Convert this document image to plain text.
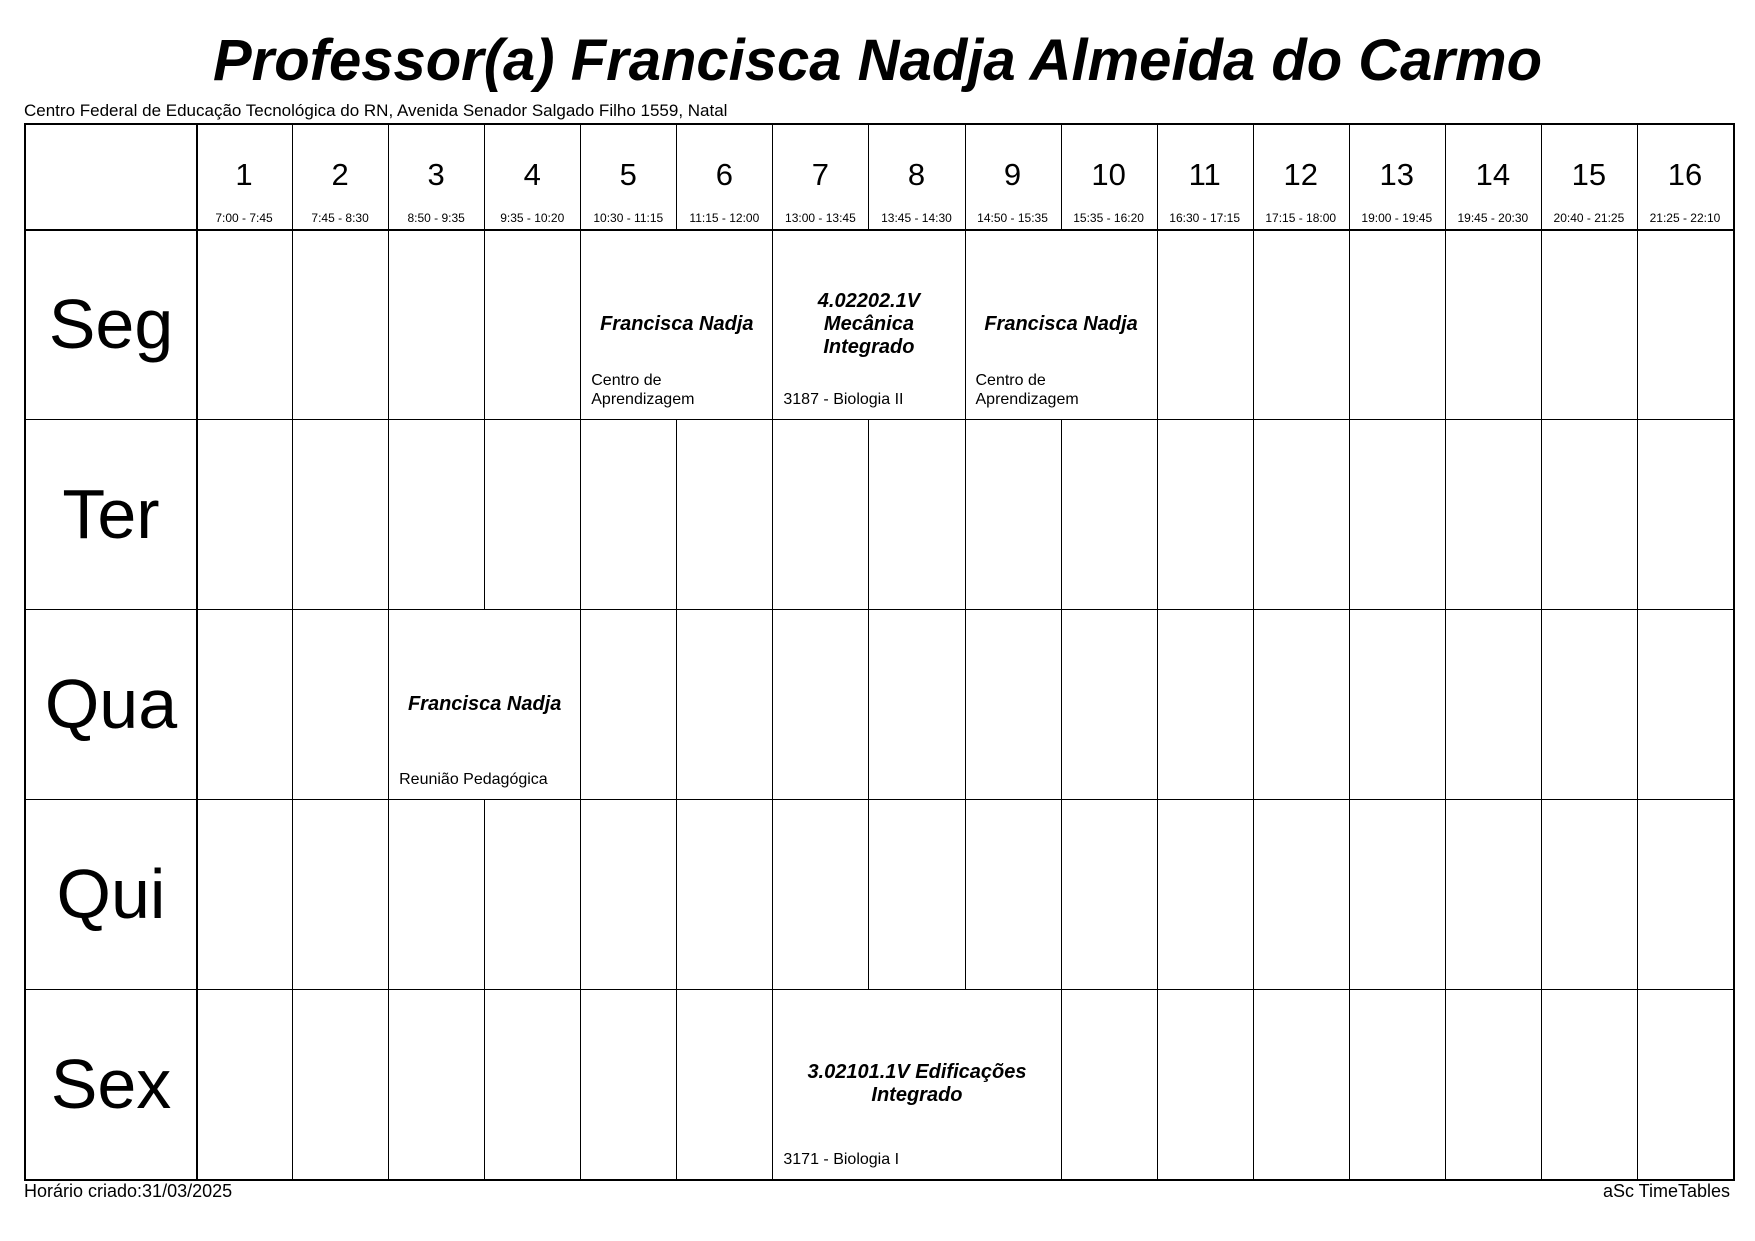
Professor(a) Francisca Nadja Almeida do Carmo
Centro Federal de Educação Tecnológica do RN, Avenida Senador Salgado Filho 1559, Natal
1
7:00 - 7:45
2
7:45 - 8:30
3
8:50 - 9:35
4
9:35 - 10:20
5
10:30 - 11:15
6
11:15 - 12:00
7
13:00 - 13:45
8
13:45 - 14:30
9
14:50 - 15:35
10
15:35 - 16:20
11
16:30 - 17:15
12
17:15 - 18:00
13
19:00 - 19:45
14
19:45 - 20:30
15
20:40 - 21:25
16
21:25 - 22:10
Seg
Ter
Qua
Qui
Sex
Francisca Nadja
Centro de
Aprendizagem
4.02202.1V
Mecânica
Integrado
3187 - Biologia II
Francisca Nadja
Centro de
Aprendizagem
Francisca Nadja
Reunião Pedagógica
3.02101.1V Edificações
Integrado
3171 - Biologia I
Horário criado:31/03/2025	aSc TimeTables
